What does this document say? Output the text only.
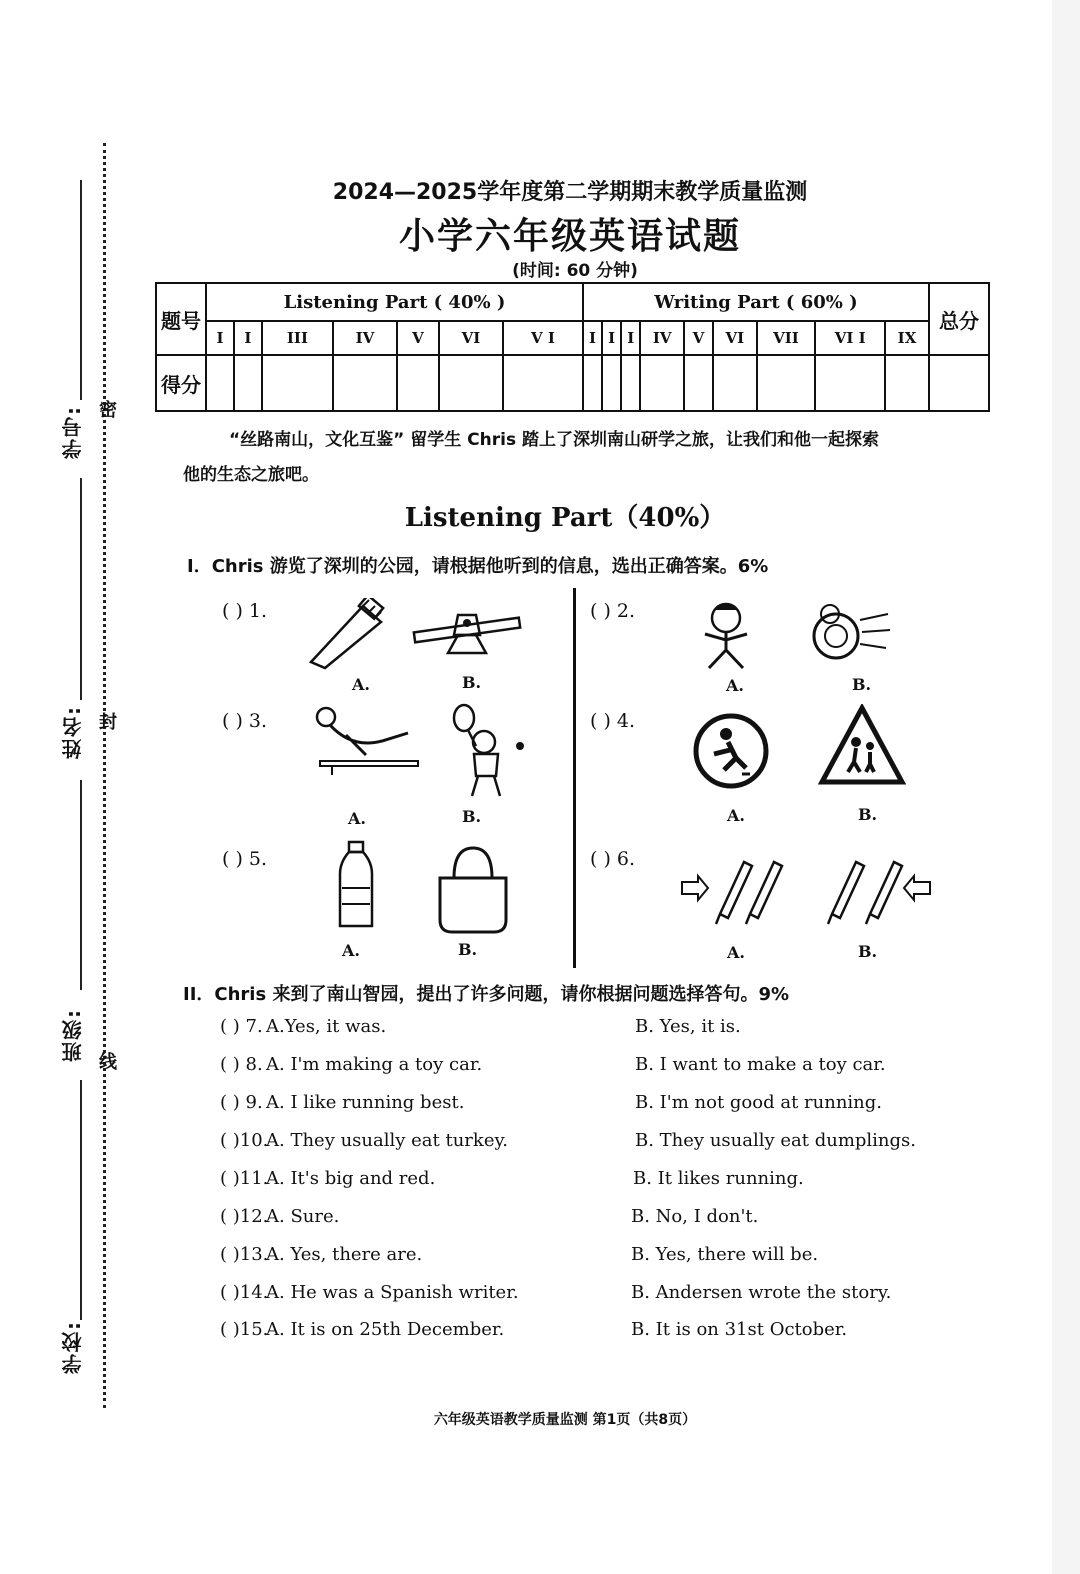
学号: 密
姓名: 封
班级: 线
学校:
2024—2025学年度第二学期期末教学质量监测
小学六年级英语试题
(时间: 60 分钟)
题号	Listening Part ( 40% )							Writing Part ( 60% )									总分
	I	I	III	IV	V	VI	V I	I	I	I	IV	V	VI	VII	VI I	IX	
得分																	
“丝路南山，文化互鉴” 留学生 Chris 踏上了深圳南山研学之旅，让我们和他一起探索
他的生态之旅吧。
Listening Part（40%）
I．Chris 游览了深圳的公园，请根据他听到的信息，选出正确答案。6%
( ) 1.
A.	B.
( ) 2.
A.	B.
( ) 3.
A.	B.
( ) 4.
A.	B.
( ) 5.
A.	B.
( ) 6.
A.	B.
II．Chris 来到了南山智园，提出了许多问题，请你根据问题选择答句。9%
( ) 7. A.Yes, it was.	B. Yes, it is.
( ) 8. A. I'm making a toy car.	B. I want to make a toy car.
( ) 9. A. I like running best.	B. I'm not good at running.
( )10.
A. They usually eat turkey.	B. They usually eat dumplings.
( )11.
A. It's big and red.	B. It likes running.
( )12.
A. Sure.	B. No, I don't.
( )13.
A. Yes, there are.	B. Yes, there will be.
( )14.
A. He was a Spanish writer.	B. Andersen wrote the story.
( )15.
A. It is on 25th December.	B. It is on 31st October.
六年级英语教学质量监测 第1页（共8页）
